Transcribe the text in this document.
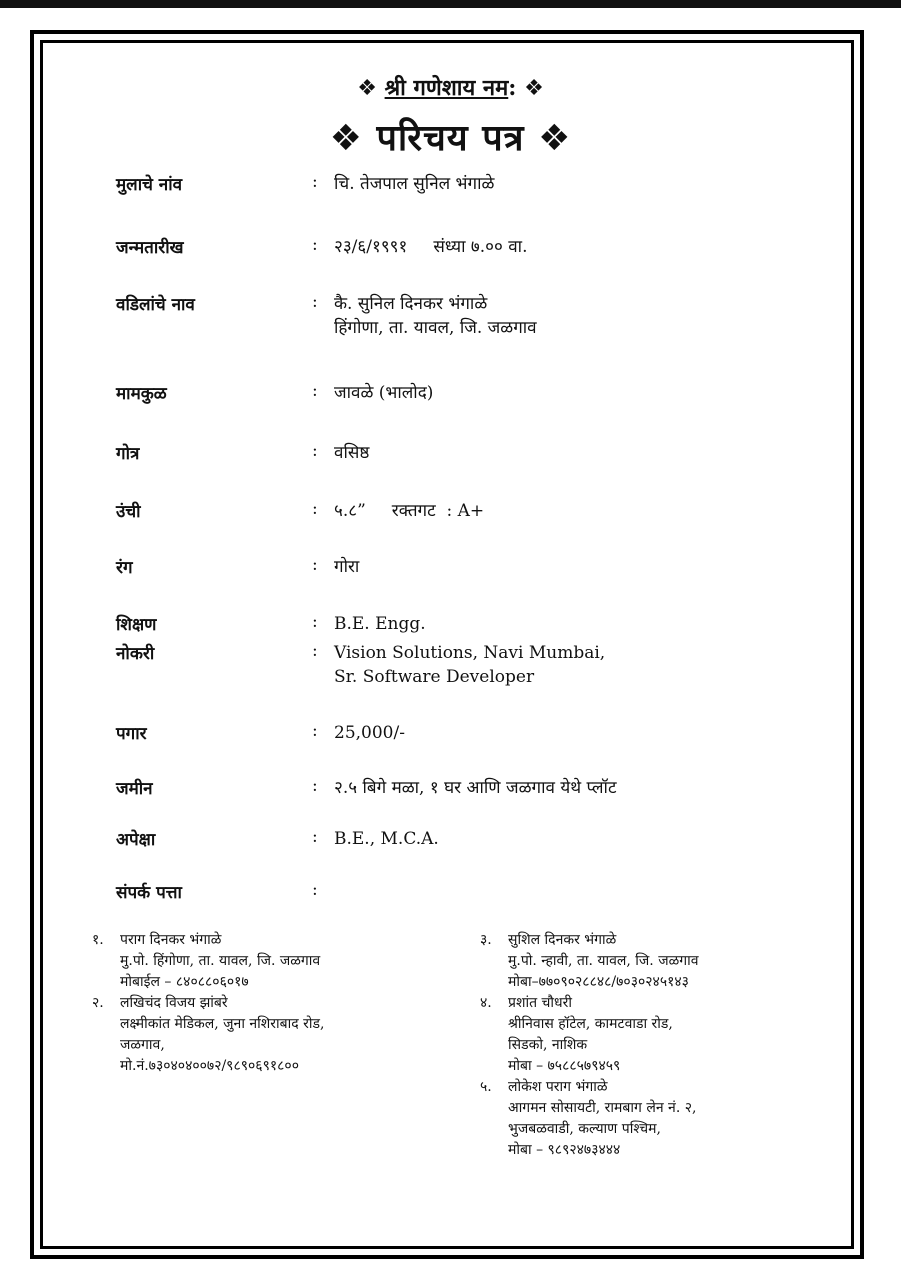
❖ श्री गणेशाय नम: ❖
❖ परिचय पत्र ❖
मुलाचे नांव	: चि. तेजपाल सुनिल भंगाळे
जन्मतारीख	: २३/६/१९९१ संध्या ७.०० वा.
वडिलांचे नाव	: कै. सुनिल दिनकर भंगाळे
हिंगोणा, ता. यावल, जि. जळगाव
मामकुळ	: जावळे (भालोद)
गोत्र	: वसिष्ठ
उंची	: ५.८” रक्तगट : A+
रंग	: गोरा
शिक्षण	: B.E. Engg.
नोकरी	: Vision Solutions, Navi Mumbai,
Sr. Software Developer
पगार	: 25,000/-
जमीन	: २.५ बिगे मळा, १ घर आणि जळगाव येथे प्लॉट
अपेक्षा	: B.E., M.C.A.
संपर्क पत्ता	:
१. पराग दिनकर भंगाळे
मु.पो. हिंगोणा, ता. यावल, जि. जळगाव
मोबाईल – ८४०८८०६०१७
२. लखिचंद विजय झांबरे
लक्ष्मीकांत मेडिकल, जुना नशिराबाद रोड,
जळगाव,
मो.नं.७३०४०४००७२/९८९०६९१८००
३. सुशिल दिनकर भंगाळे
मु.पो. न्हावी, ता. यावल, जि. जळगाव
मोबा–७७०९०२८८४८/७०३०२४५१४३
४. प्रशांत चौधरी
श्रीनिवास हॉटेल, कामटवाडा रोड,
सिडको, नाशिक
मोबा – ७५८८५७९४५९
५. लोकेश पराग भंगाळे
आगमन सोसायटी, रामबाग लेन नं. २,
भुजबळवाडी, कल्याण पश्चिम,
मोबा – ९८९२४७३४४४
